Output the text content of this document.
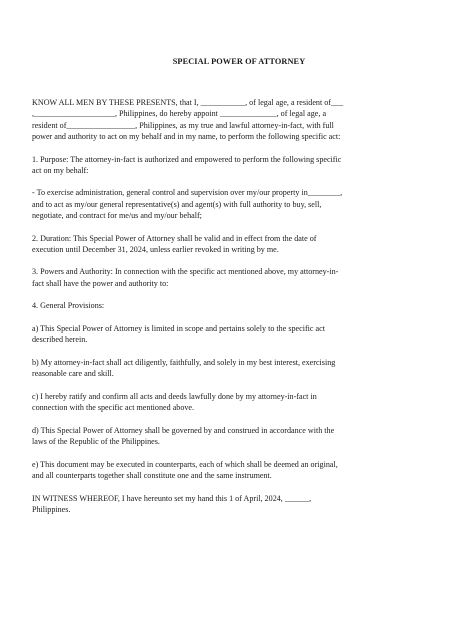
SPECIAL POWER OF ATTORNEY
KNOW ALL MEN BY THESE PRESENTS, that I, ___________, of legal age, a resident of___
,____________________, Philippines, do hereby appoint ______________, of legal age, a
resident of_________________, Philippines, as my true and lawful attorney-in-fact, with full
power and authority to act on my behalf and in my name, to perform the following specific act:
1. Purpose: The attorney-in-fact is authorized and empowered to perform the following specific
act on my behalf:
- To exercise administration, general control and supervision over my/our property in________,
and to act as my/our general representative(s) and agent(s) with full authority to buy, sell,
negotiate, and contract for me/us and my/our behalf;
2. Duration: This Special Power of Attorney shall be valid and in effect from the date of
execution until December 31, 2024, unless earlier revoked in writing by me.
3. Powers and Authority: In connection with the specific act mentioned above, my attorney-in-
fact shall have the power and authority to:
4. General Provisions:
a) This Special Power of Attorney is limited in scope and pertains solely to the specific act
described herein.
b) My attorney-in-fact shall act diligently, faithfully, and solely in my best interest, exercising
reasonable care and skill.
c) I hereby ratify and confirm all acts and deeds lawfully done by my attorney-in-fact in
connection with the specific act mentioned above.
d) This Special Power of Attorney shall be governed by and construed in accordance with the
laws of the Republic of the Philippines.
e) This document may be executed in counterparts, each of which shall be deemed an original,
and all counterparts together shall constitute one and the same instrument.
IN WITNESS WHEREOF, I have hereunto set my hand this 1 of April, 2024, ______,
Philippines.
